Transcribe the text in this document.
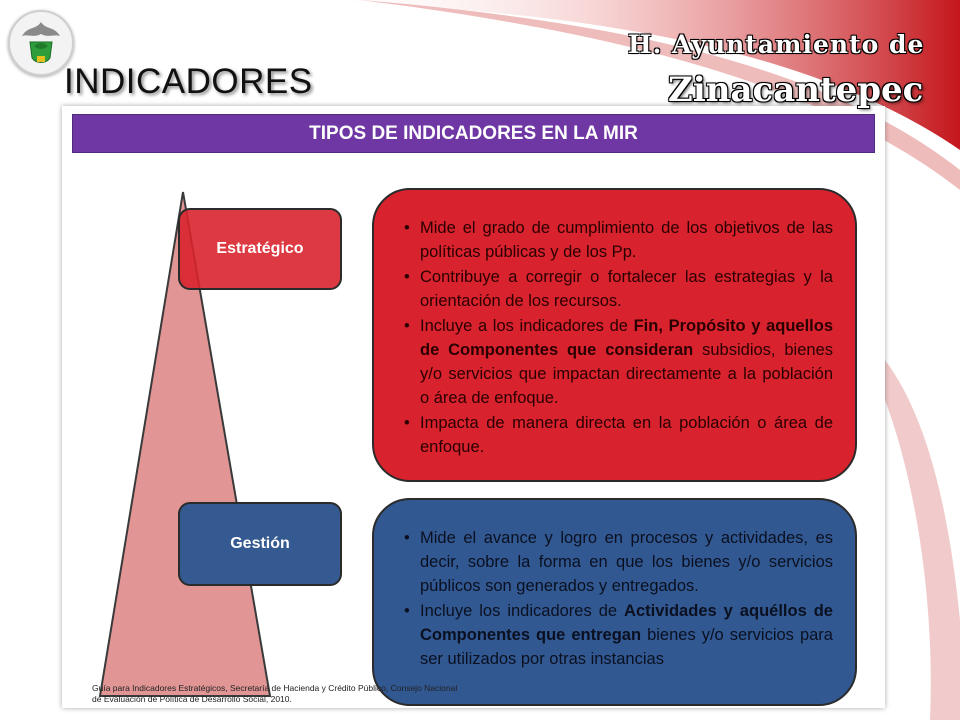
INDICADORES
H. Ayuntamiento de
Zinacantepec
TIPOS DE INDICADORES EN LA MIR
Estratégico
• Mide el grado de cumplimiento de los objetivos de las políticas públicas y de los Pp.
• Contribuye a corregir o fortalecer las estrategias y la orientación de los recursos.
• Incluye a los indicadores de Fin, Propósito y aquellos de Componentes que consideran subsidios, bienes y/o servicios que impactan directamente a la población o área de enfoque.
• Impacta de manera directa en la población o área de enfoque.
Gestión
•	Mide el avance y logro en procesos y actividades, es decir, sobre la forma en que los bienes y/o servicios públicos son generados y entregados.
• Incluye los indicadores de Actividades y aquéllos de Componentes que entregan bienes y/o servicios para ser utilizados por otras instancias
Guía para Indicadores Estratégicos, Secretaría de Hacienda y Crédito Público, Consejo Nacional de Evaluación de Política de Desarrollo Social, 2010.
